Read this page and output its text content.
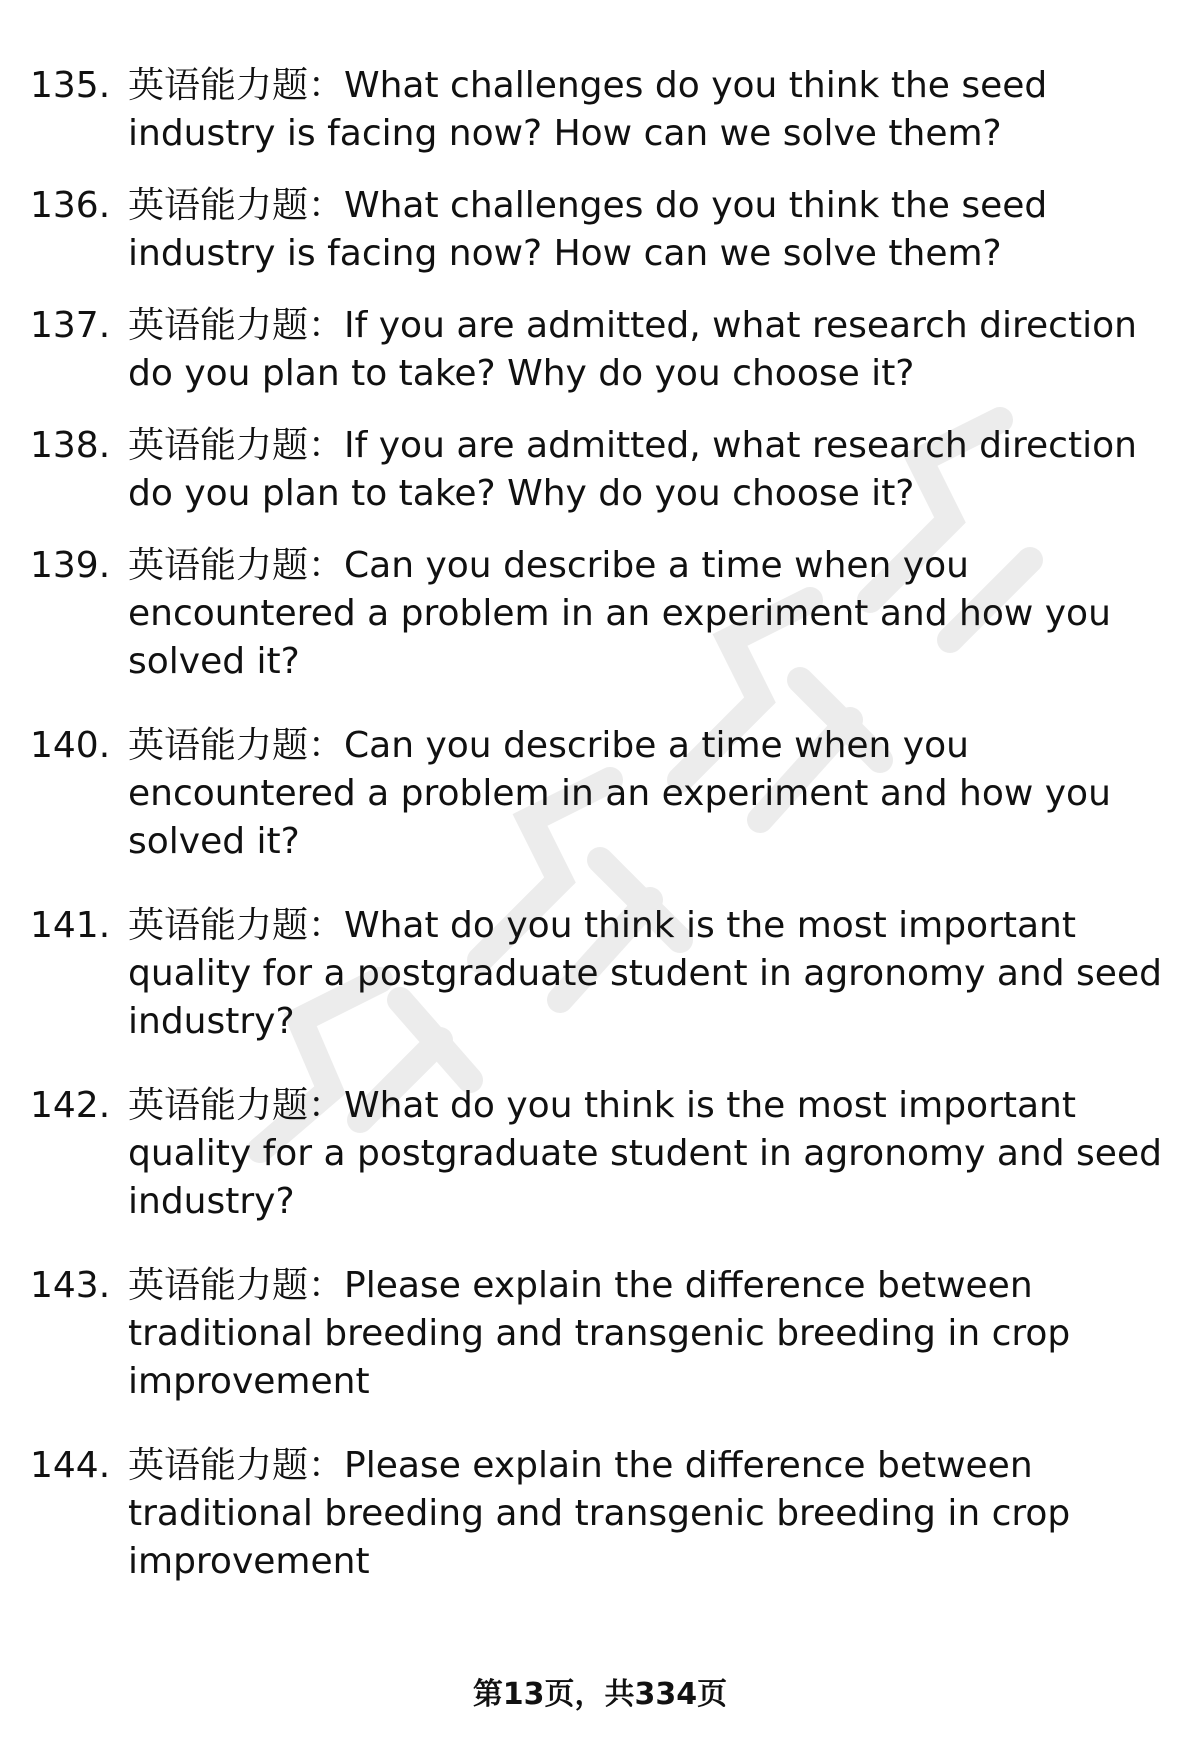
135. 英语能力题：What challenges do you think the seed industry is facing now? How can we solve them?
136. 英语能力题：What challenges do you think the seed industry is facing now? How can we solve them?
137. 英语能力题：If you are admitted, what research direction do you plan to take? Why do you choose it?
138. 英语能力题：If you are admitted, what research direction do you plan to take? Why do you choose it?
139. 英语能力题：Can you describe a time when you encountered a problem in an experiment and how you solved it?
140. 英语能力题：Can you describe a time when you encountered a problem in an experiment and how you solved it?
141. 英语能力题：What do you think is the most important quality for a postgraduate student in agronomy and seed industry?
142. 英语能力题：What do you think is the most important quality for a postgraduate student in agronomy and seed industry?
143. 英语能力题：Please explain the difference between traditional breeding and transgenic breeding in crop improvement
144. 英语能力题：Please explain the difference between traditional breeding and transgenic breeding in crop improvement
第13页，共334页
